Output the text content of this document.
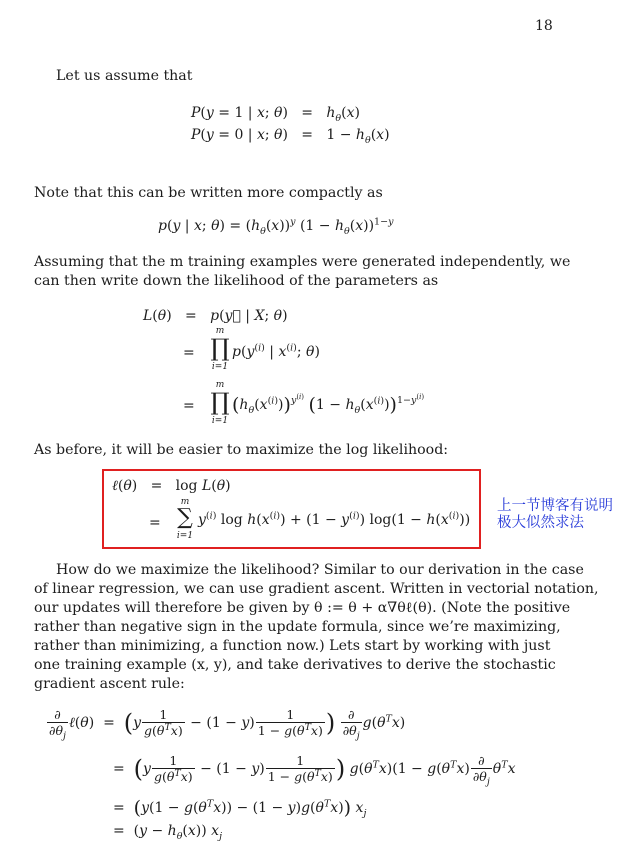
18
Let us assume that
P(y = 1 | x; $\theta) = h_\theta(x)$
P(y = 0 | x; $\theta) = 1 - h_\theta(x)$
Note that this can be written more compactly as
p(y | x; $\theta) = (h_\theta(x))^y$ $(1 - h_\theta(x))^{1-y}$
Assuming that the m training examples were generated independently, we
can then write down the likelihood of the parameters as
L(θ)   =   p(y⃗ | X; θ)
=
m
∏
i=1
$p(y^{(i)}$ | $x^{(i)}$; θ)
=
m
∏
i=1
$(h_\theta(x^{(i)}))^{y^{(i)}}$ $(1 - h_\theta(x^{(i)}))^{1-y^{(i)}}$
As before, it will be easier to maximize the log likelihood:
ℓ(θ)   =   log L(θ)
=
m
∑
i=1
$y^{(i)}$ $\log h(x^{(i)}) + (1 - y^{(i)}) \log(1 - h(x^{(i)}))$
上一节博客有说明
极大似然求法
How do we maximize the likelihood? Similar to our derivation in the case
of linear regression, we can use gradient ascent. Written in vectorial notation,
our updates will therefore be given by θ := θ + α∇θℓ(θ). (Note the positive
rather than negative sign in the update formula, since we’re maximizing,
rather than minimizing, a function now.) Lets start by working with just
one training example (x, y), and take derivatives to derive the stochastic
gradient ascent rule:
$\frac{\partial}{\partial\theta_j}$ ℓ(θ)  =  ($y \frac{1}{g(\theta^Tx)} - (1 - y) \frac{1}{1 - g(\theta^Tx)}$ ) $\frac{\partial}{\partial\theta_j} g(\theta^Tx)$
=  ($y \frac{1}{g(\theta^Tx)} - (1 - y) \frac{1}{1 - g(\theta^Tx)}$ ) $g(\theta^Tx)(1 - g(\theta^Tx) \frac{\partial}{\partial\theta_j} \theta^Tx$
=  $(y(1 - g(\theta^Tx)) - (1 - y)g(\theta^Tx))$ $x_j$
=  $(y - h_\theta(x))$ $x_j$
